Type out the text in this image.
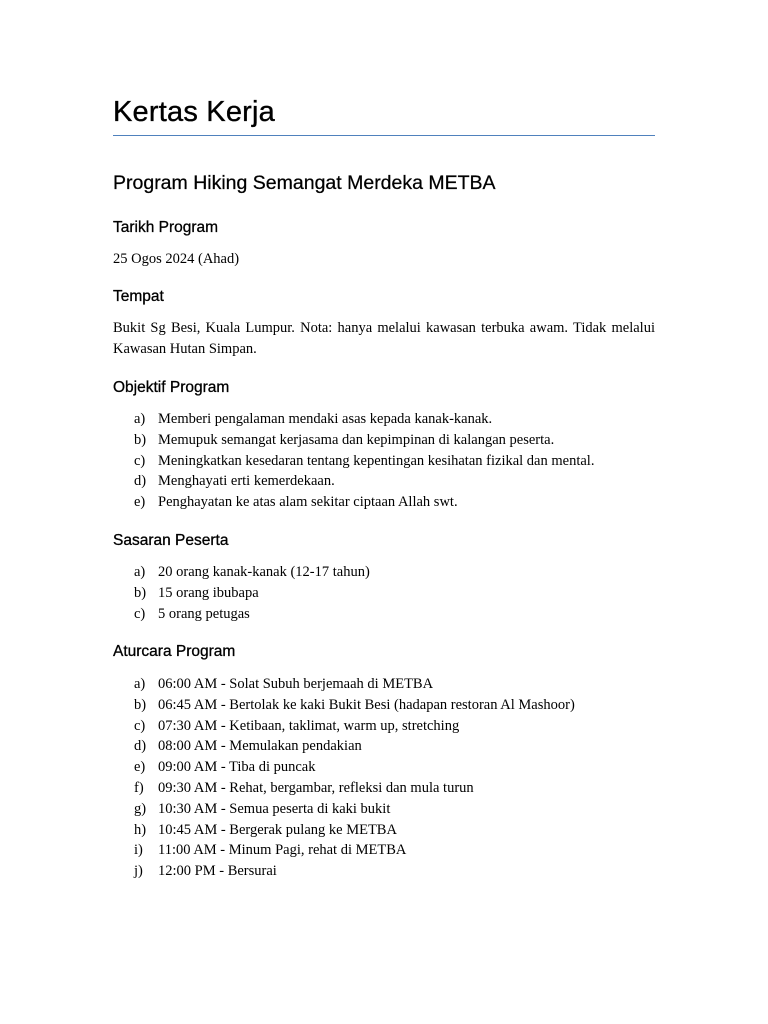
Kertas Kerja
Program Hiking Semangat Merdeka METBA
Tarikh Program

25 Ogos 2024 (Ahad)

Tempat

Bukit Sg Besi, Kuala Lumpur. Nota: hanya melalui kawasan terbuka awam. Tidak melalui Kawasan Hutan Simpan.

Objektif Program
a) Memberi pengalaman mendaki asas kepada kanak-kanak.
b) Memupuk semangat kerjasama dan kepimpinan di kalangan peserta.
c) Meningkatkan kesedaran tentang kepentingan kesihatan fizikal dan mental.
d) Menghayati erti kemerdekaan.
e) Penghayatan ke atas alam sekitar ciptaan Allah swt.
Sasaran Peserta
a) 20 orang kanak-kanak (12-17 tahun)
b) 15 orang ibubapa
c) 5 orang petugas
Aturcara Program
a) 06:00 AM - Solat Subuh berjemaah di METBA
b) 06:45 AM - Bertolak ke kaki Bukit Besi (hadapan restoran Al Mashoor)
c) 07:30 AM - Ketibaan, taklimat, warm up, stretching
d) 08:00 AM - Memulakan pendakian
e) 09:00 AM - Tiba di puncak
f) 09:30 AM - Rehat, bergambar, refleksi dan mula turun
g) 10:30 AM - Semua peserta di kaki bukit
h) 10:45 AM - Bergerak pulang ke METBA
i) 11:00 AM - Minum Pagi, rehat di METBA
j) 12:00 PM - Bersurai
